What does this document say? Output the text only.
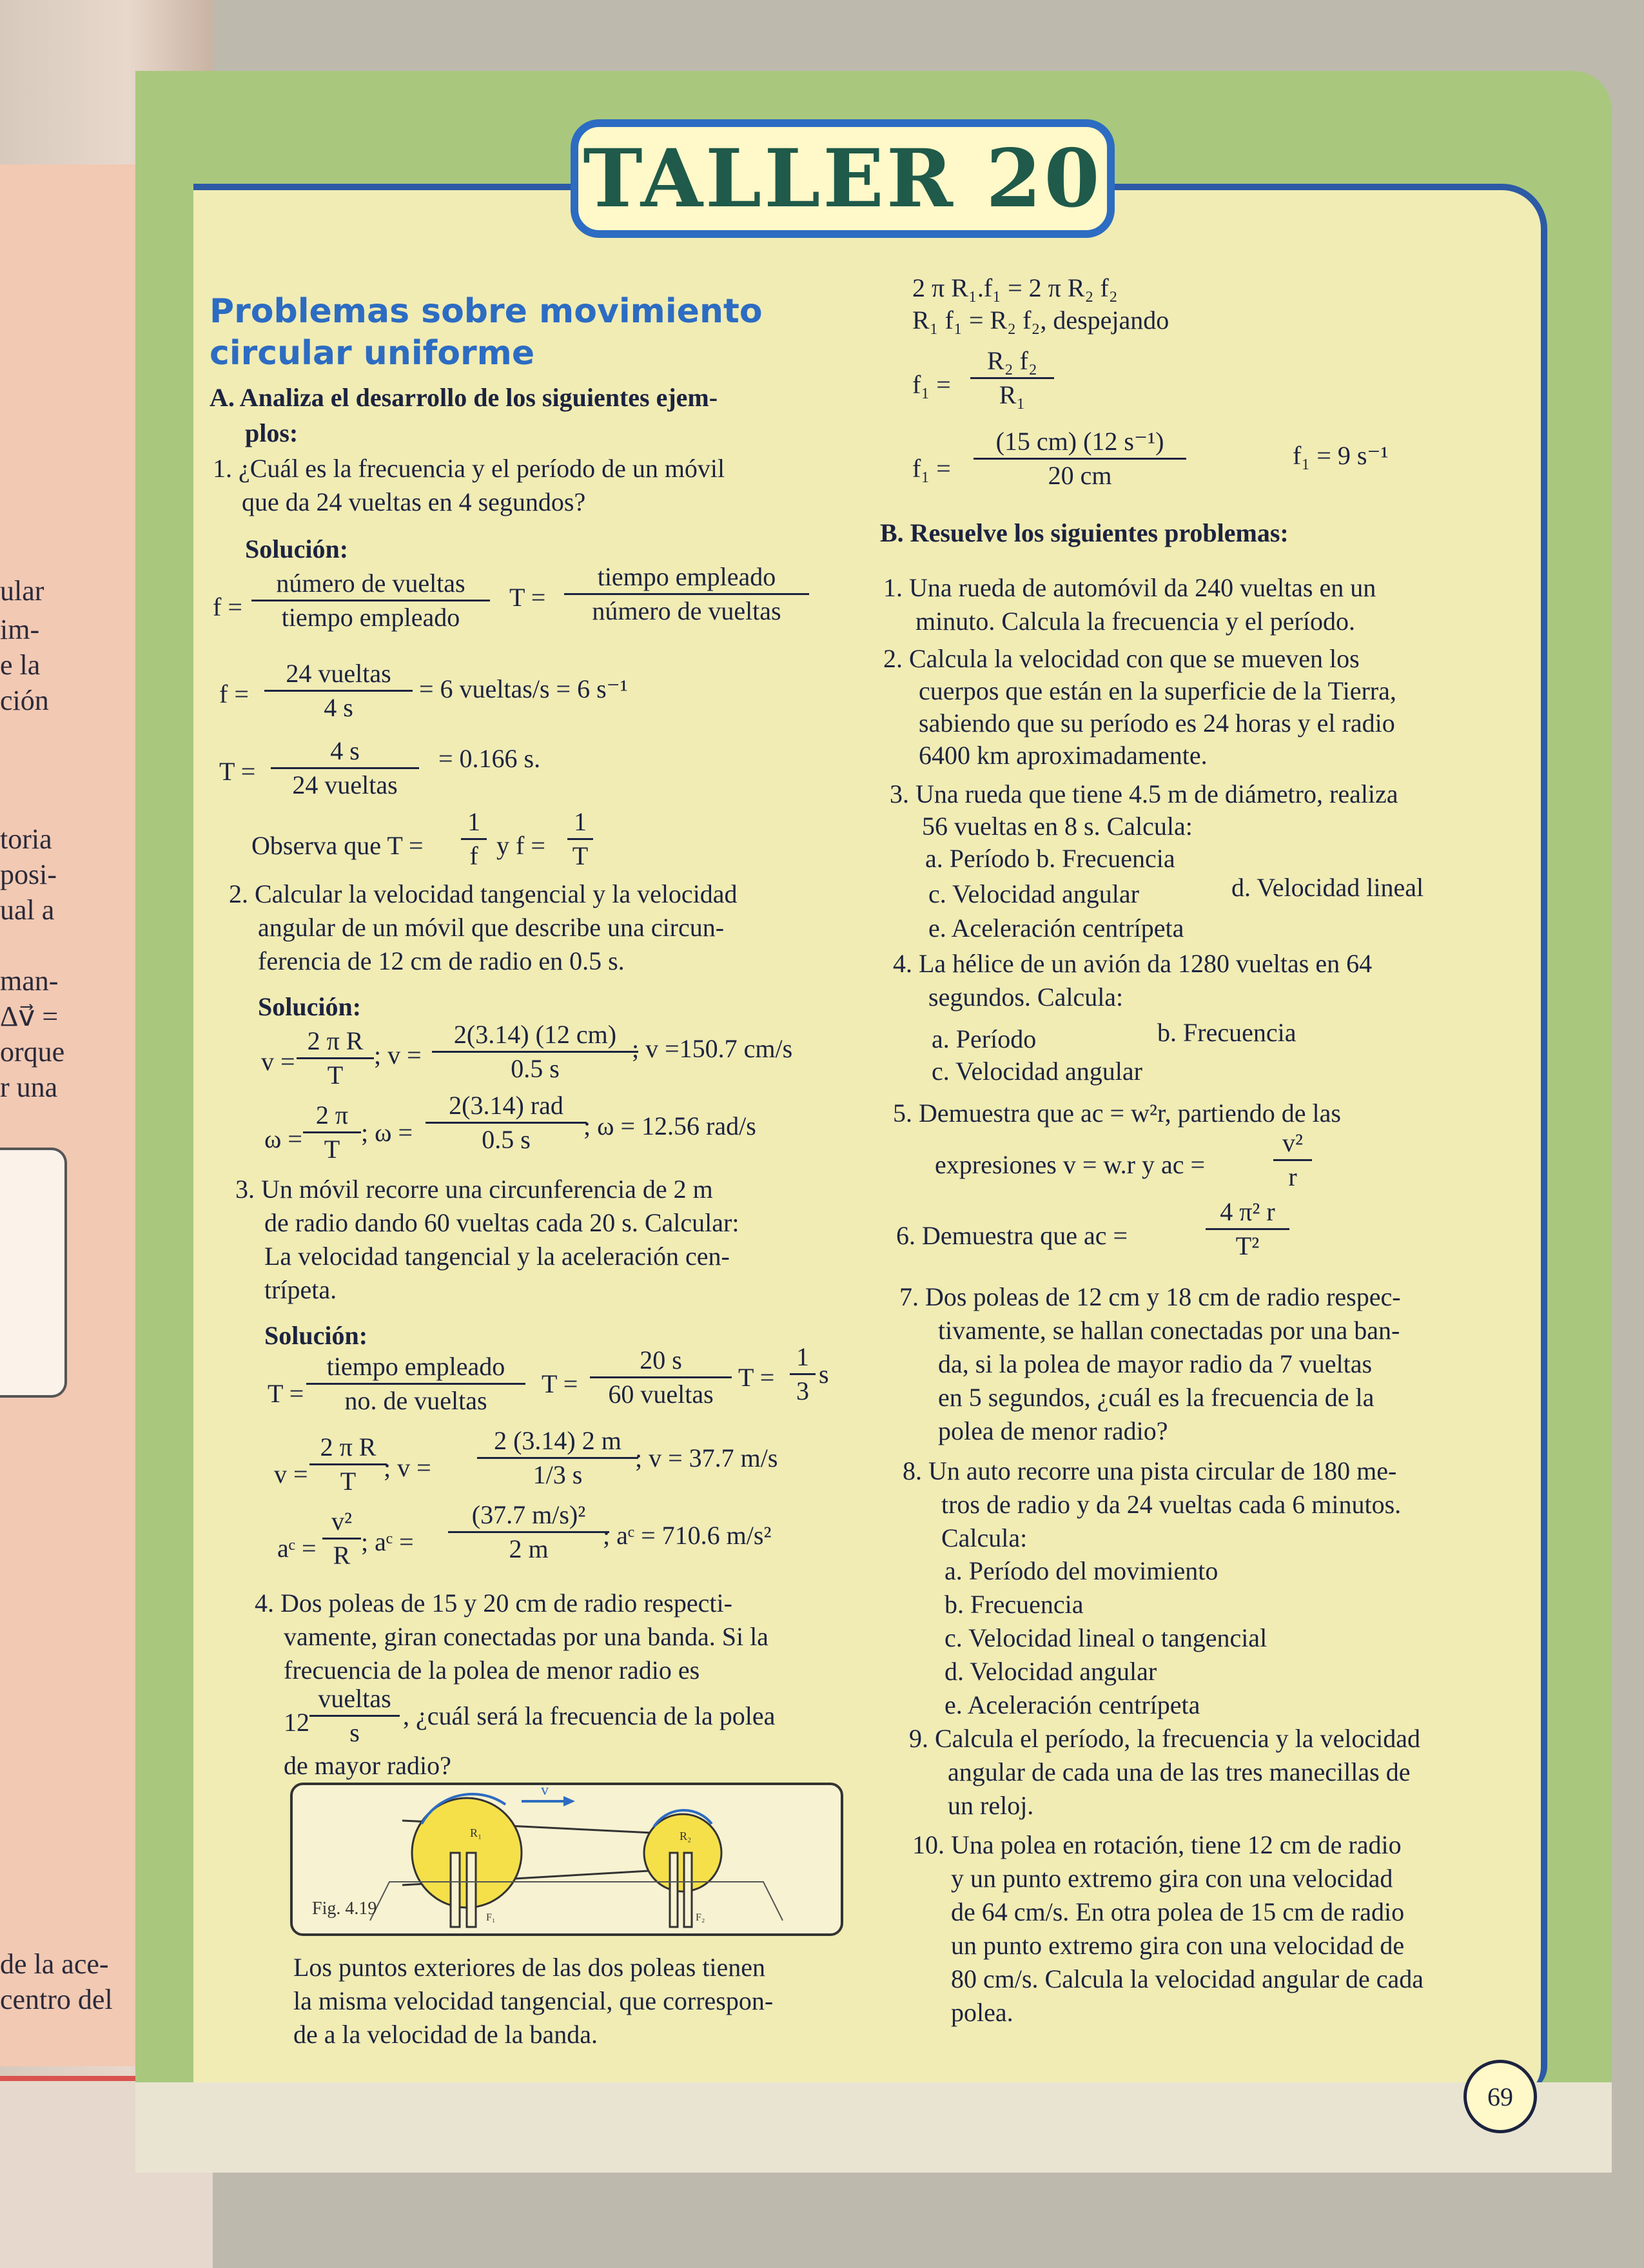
ular
im-
e la
ción
toria
posi-
ual a
man-
Δv⃗ =
orque
r una
de la ace-
centro del
TALLER 20
Problemas sobre movimiento
circular uniforme
A. Analiza el desarrollo de los siguientes ejem-
plos:
1. ¿Cuál es la frecuencia y el período de un móvil
que da 24 vueltas en 4 segundos?
Solución:
f =
número de vueltas
tiempo empleado
T =
tiempo empleado
número de vueltas
f =
24 vueltas
4 s
= 6 vueltas/s = 6 s⁻¹
T =
4 s
24 vueltas
= 0.166 s.
Observa que $T = \frac{1}{f}$ y $f = \frac{1}{T}$
2. Calcular la velocidad tangencial y la velocidad
angular de un móvil que describe una circun-
ferencia de 12 cm de radio en 0.5 s.
Solución:
$v = \frac{\text{2 π R}}{T}$ ; $v = \frac{2(3.14) (12 cm)}{0.5 s}$
; v =150.7 cm/s
$\omega = \frac{2 \pi}{T}$ ; ω =
2(3.14) rad
0.5 s	; ω = 12.56 rad/s
3. Un móvil recorre una circunferencia de 2 m
de radio dando 60 vueltas cada 20 s. Calcular:
La velocidad tangencial y la aceleración cen-
trípeta.
Solución:
T =
tiempo empleado
no. de vueltas
T =
20 s
60 vueltas
$T = \frac{1}{3}$ s
$v = \frac{\text{2 π R}}{T}$
; $v = \frac{2 (3.14) 2 m}{1/3 s}$
; v = 37.7 m/s
aᶜ = $\frac{\text{v²}}{R}$ ; aᶜ = $\frac{\text{(37.7 m/s)²}}{2 m}$
; aᶜ = 710.6 m/s²
4. Dos poleas de 15 y 20 cm de radio respecti-
vamente, giran conectadas por una banda. Si la
frecuencia de la polea de menor radio es
12
vueltas
s
, ¿cuál será la frecuencia de la polea
de mayor radio?
v
R₁	R₂
F₁	F₂
Fig. 4.19
Los puntos exteriores de las dos poleas tienen
la misma velocidad tangencial, que correspon-
de a la velocidad de la banda.
2 π R₁.f₁ = 2 π R₂ f₂
R₁ f₁ = R₂ f₂, despejando
$f_1 = \frac{\text{R₂ f₂}}{\text{R₁}}$
$f_1 = \frac{\text{(15 cm) (12 s⁻¹)}}{20 cm}$	f₁ = 9 s⁻¹
B. Resuelve los siguientes problemas:
1. Una rueda de automóvil da 240 vueltas en un
minuto. Calcula la frecuencia y el período.
2. Calcula la velocidad con que se mueven los
cuerpos que están en la superficie de la Tierra,
sabiendo que su período es 24 horas y el radio
6400 km aproximadamente.
3. Una rueda que tiene 4.5 m de diámetro, realiza
56 vueltas en 8 s. Calcula:
a. Período b. Frecuencia
c. Velocidad angular	d. Velocidad lineal
e. Aceleración centrípeta
4. La hélice de un avión da 1280 vueltas en 64
segundos. Calcula:
a. Período	b. Frecuencia
c. Velocidad angular
5. Demuestra que ac = w²r, partiendo de las
expresiones v = w.r y ac =	$\frac{\text{v²}}{r}$
6. Demuestra que ac =	$\frac{\text{4 π² r}}{\text{T²}}$
7. Dos poleas de 12 cm y 18 cm de radio respec-
tivamente, se hallan conectadas por una ban-
da, si la polea de mayor radio da 7 vueltas
en 5 segundos, ¿cuál es la frecuencia de la
polea de menor radio?
8. Un auto recorre una pista circular de 180 me-
tros de radio y da 24 vueltas cada 6 minutos.
Calcula:
a. Período del movimiento
b. Frecuencia
c. Velocidad lineal o tangencial
d. Velocidad angular
e. Aceleración centrípeta
9. Calcula el período, la frecuencia y la velocidad
angular de cada una de las tres manecillas de
un reloj.
10. Una polea en rotación, tiene 12 cm de radio
y un punto extremo gira con una velocidad
de 64 cm/s. En otra polea de 15 cm de radio
un punto extremo gira con una velocidad de
80 cm/s. Calcula la velocidad angular de cada
polea.
69
